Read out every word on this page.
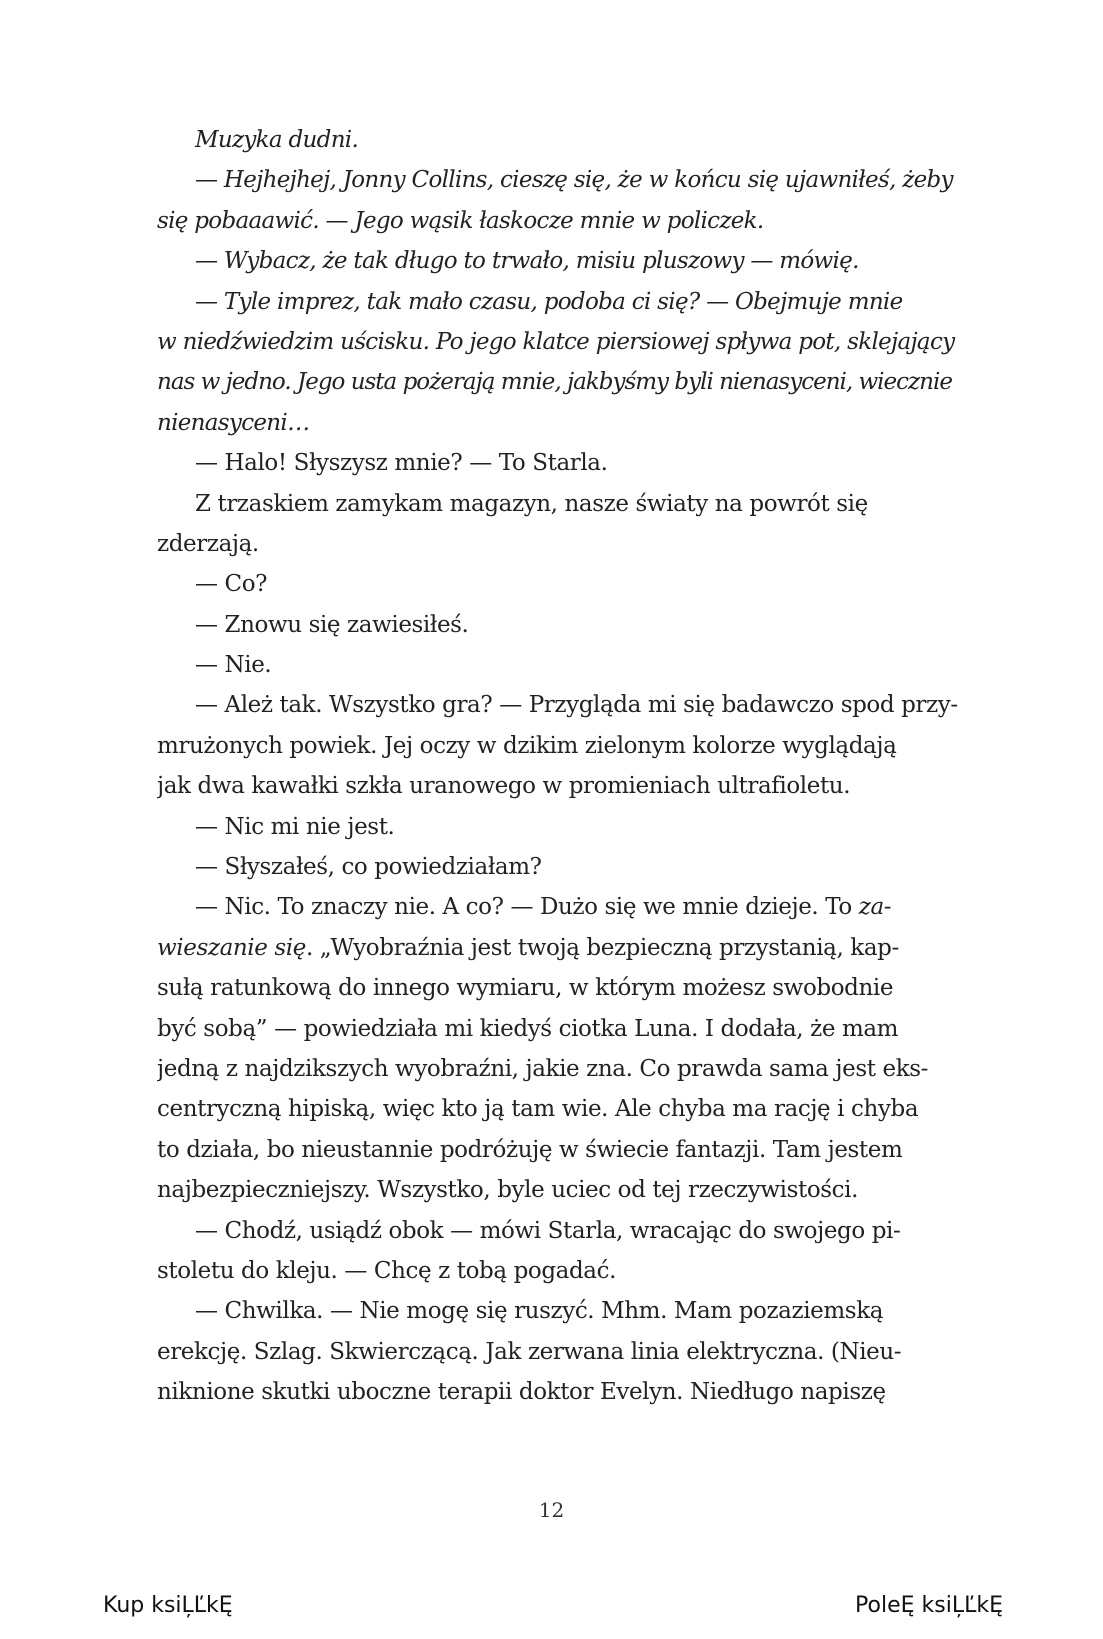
Muzyka dudni.
— Hejhejhej, Jonny Collins, cieszę się, że w końcu się ujawniłeś, żeby
się pobaaawić. — Jego wąsik łaskocze mnie w policzek.
— Wybacz, że tak długo to trwało, misiu pluszowy — mówię.
— Tyle imprez, tak mało czasu, podoba ci się? — Obejmuje mnie
w niedźwiedzim uścisku. Po jego klatce piersiowej spływa pot, sklejający
nas w jedno. Jego usta pożerają mnie, jakbyśmy byli nienasyceni, wiecznie
nienasyceni…
— Halo! Słyszysz mnie? — To Starla.
Z trzaskiem zamykam magazyn, nasze światy na powrót się
zderzają.
— Co?
— Znowu się zawiesiłeś.
— Nie.
— Ależ tak. Wszystko gra? — Przygląda mi się badawczo spod przy-
mrużonych powiek. Jej oczy w dzikim zielonym kolorze wyglądają
jak dwa kawałki szkła uranowego w promieniach ultrafioletu.
— Nic mi nie jest.
— Słyszałeś, co powiedziałam?
— Nic. To znaczy nie. A co? — Dużo się we mnie dzieje. To za-
wieszanie się. „Wyobraźnia jest twoją bezpieczną przystanią, kap-
sułą ratunkową do innego wymiaru, w którym możesz swobodnie
być sobą” — powiedziała mi kiedyś ciotka Luna. I dodała, że mam
jedną z najdzikszych wyobraźni, jakie zna. Co prawda sama jest eks-
centryczną hipiską, więc kto ją tam wie. Ale chyba ma rację i chyba
to działa, bo nieustannie podróżuję w świecie fantazji. Tam jestem
najbezpieczniejszy. Wszystko, byle uciec od tej rzeczywistości.
— Chodź, usiądź obok — mówi Starla, wracając do swojego pi-
stoletu do kleju. — Chcę z tobą pogadać.
— Chwilka. — Nie mogę się ruszyć. Mhm. Mam pozaziemską
erekcję. Szlag. Skwierczącą. Jak zerwana linia elektryczna. (Nieu-
niknione skutki uboczne terapii doktor Evelyn. Niedługo napiszę
12
Kup ksiĻĽkĘ	PoleĘ ksiĻĽkĘ
